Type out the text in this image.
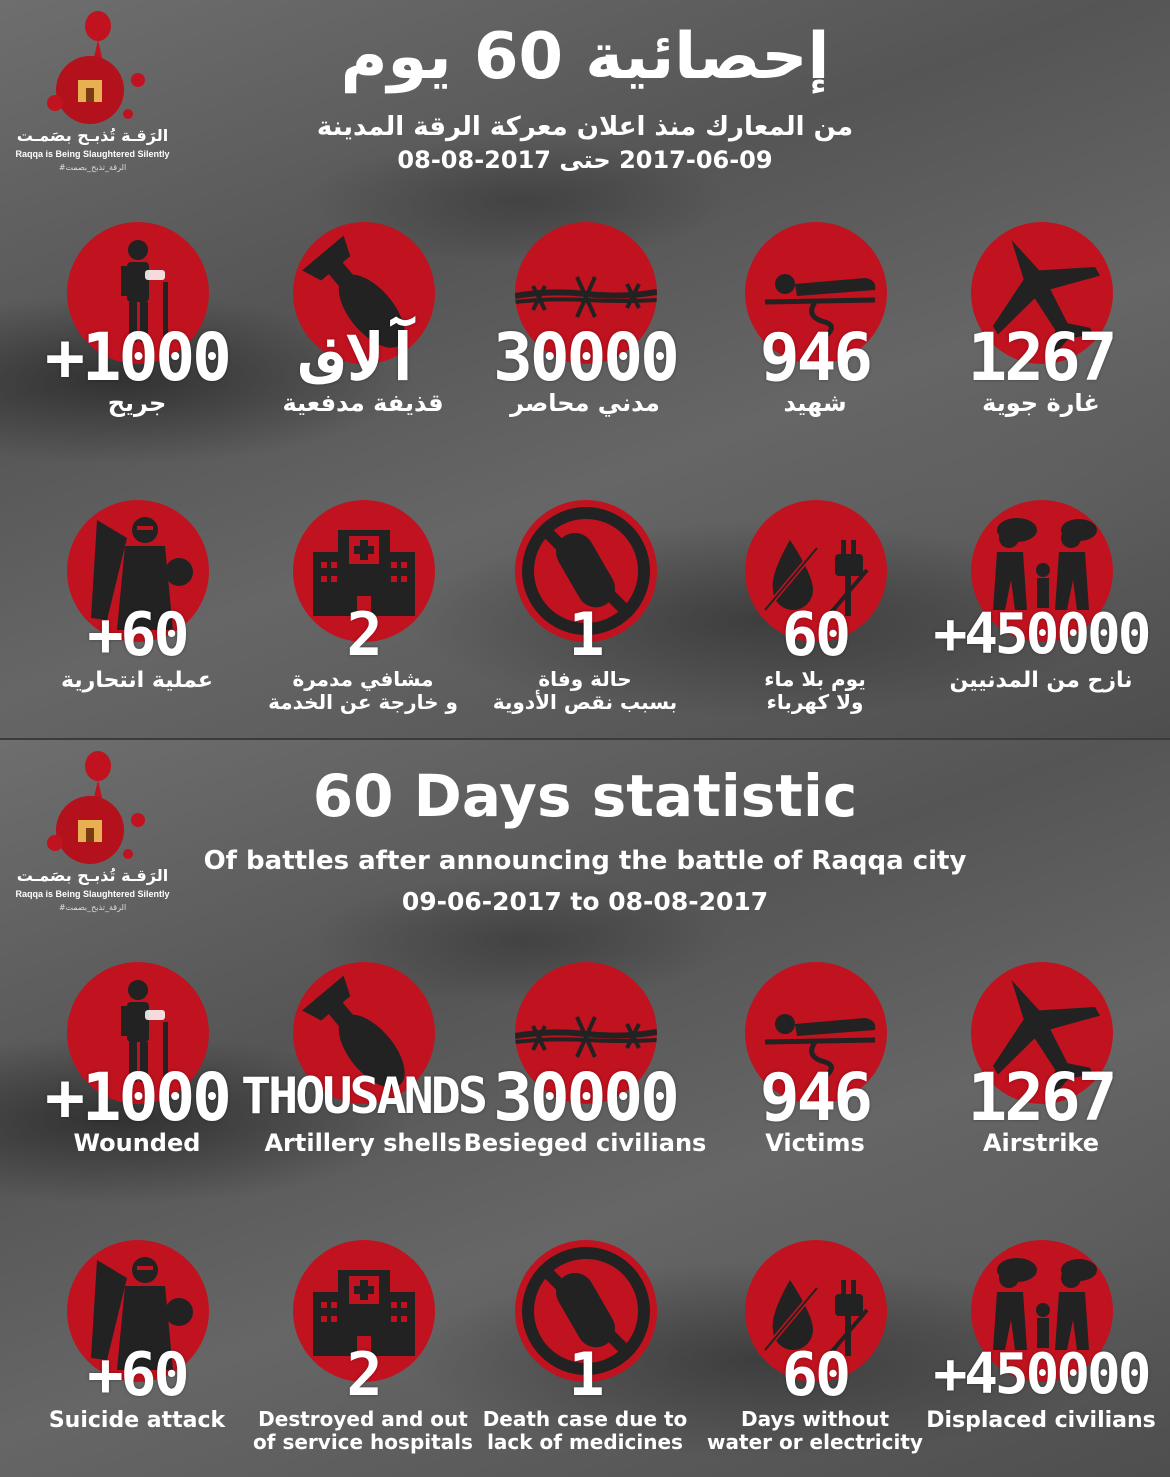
الرَقـة تُذبـح بصَمـت
Raqqa is Being Slaughtered Silently
#الرقة_تذبح_بصمت
إحصائية 60 يوم
من المعارك منذ اعلان معركة الرقة المدينة
2017-06-09 حتى 2017-08-08
+1000
جريح
آلاف
قذيفة مدفعية
30000
مدني محاصر
946
شهيد
1267
غارة جوية
+60
عملية انتحارية
2
مشافي مدمرة
و خارجة عن الخدمة
1
حالة وفاة
بسبب نقص الأدوية
60
يوم بلا ماء
ولا كهرباء
+450000
نازح من المدنيين
الرَقـة تُذبـح بصَمـت
Raqqa is Being Slaughtered Silently
#الرقة_تذبح_بصمت
60 Days statistic
Of battles after announcing the battle of Raqqa city
09-06-2017 to 08-08-2017
+1000
Wounded
THOUSANDS
Artillery shells
30000
Besieged civilians
946
Victims
1267
Airstrike
+60
Suicide attack
2
Destroyed and out
of service hospitals
1
Death case due to
lack of medicines
60
Days without
water or electricity
+450000
Displaced civilians
